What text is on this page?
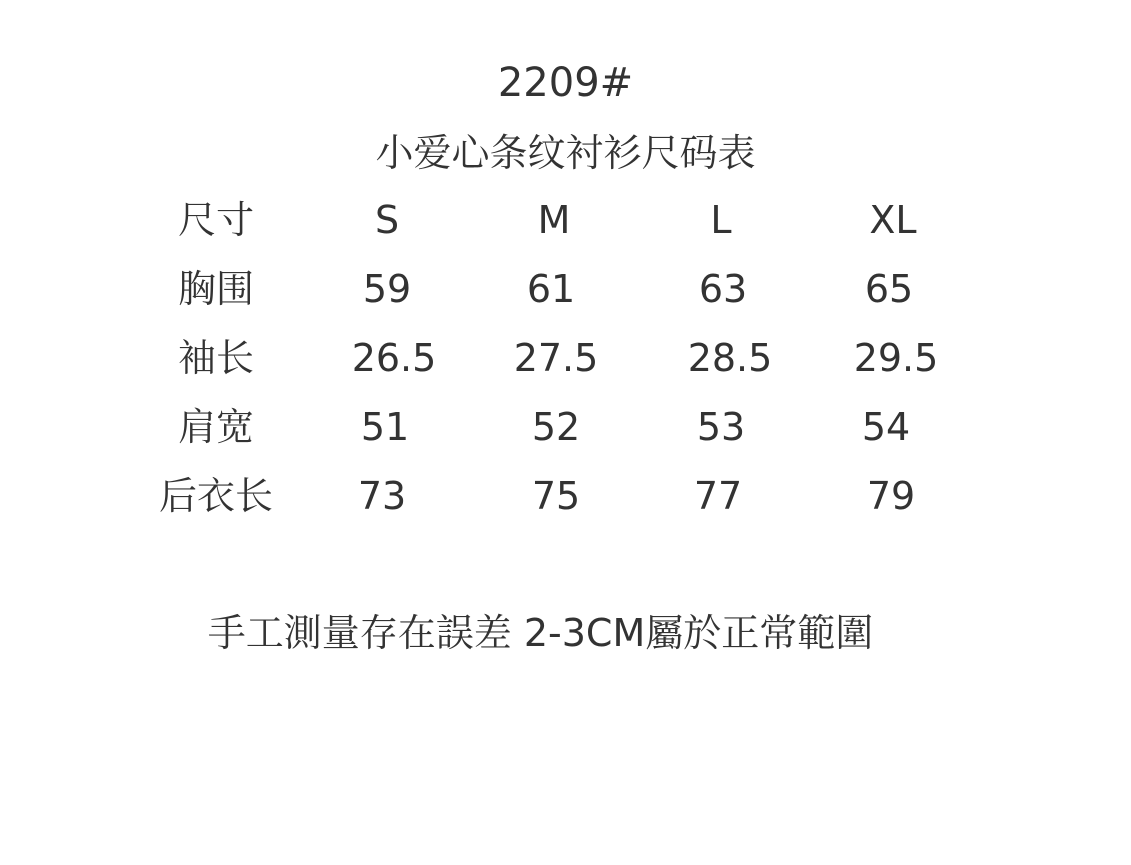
2209#
小爱心条纹衬衫尺码表
尺寸	S	M	L	XL
胸围	59	61	63	65
袖长	26.5	27.5	28.5	29.5
肩宽	51	52	53	54
后衣长	73	75	77	79
手工測量存在誤差 2-3CM屬於正常範圍
